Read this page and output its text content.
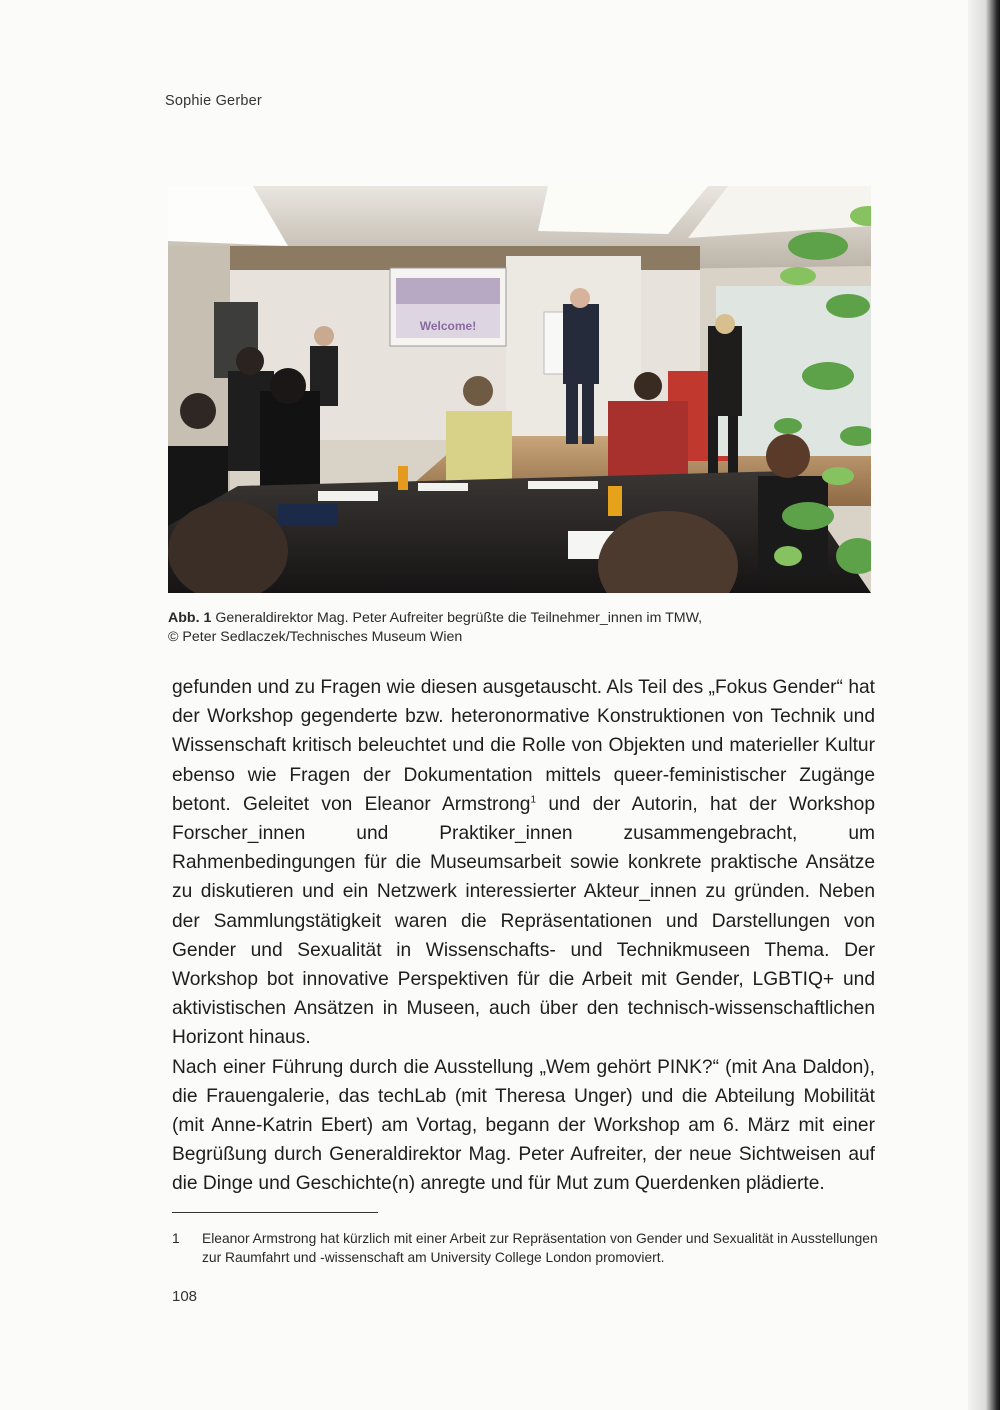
Sophie Gerber
Welcome!
Abb. 1 Generaldirektor Mag. Peter Aufreiter begrüßte die Teilnehmer_innen im TMW,
© Peter Sedlaczek/Technisches Museum Wien

gefunden und zu Fragen wie diesen ausgetauscht. Als Teil des „Fokus Gender“ hat der Workshop gegenderte bzw. heteronormative Konstruktionen von Technik und Wissenschaft kritisch beleuchtet und die Rolle von Objekten und materieller Kultur ebenso wie Fragen der Dokumentation mittels queer-feministischer Zugänge betont. Geleitet von Eleanor Armstrong$^1$ und der Autorin, hat der Workshop Forscher_innen und Praktiker_innen zusammengebracht, um Rahmenbedingungen für die Museumsarbeit sowie konkrete praktische Ansätze zu diskutieren und ein Netzwerk interessierter Akteur_innen zu gründen. Neben der Sammlungstätigkeit waren die Repräsentationen und Darstellungen von Gender und Sexualität in Wissenschafts- und Technikmuseen Thema. Der Workshop bot innovative Perspektiven für die Arbeit mit Gender, LGBTIQ+ und aktivistischen Ansätzen in Museen, auch über den technisch-wissenschaftlichen Horizont hinaus.

Nach einer Führung durch die Ausstellung „Wem gehört PINK?“ (mit Ana Daldon), die Frauengalerie, das techLab (mit Theresa Unger) und die Abteilung Mobilität (mit Anne-Katrin Ebert) am Vortag, begann der Workshop am 6. März mit einer Begrüßung durch Generaldirektor Mag. Peter Aufreiter, der neue Sichtweisen auf die Dinge und Geschichte(n) anregte und für Mut zum Querdenken plädierte.

1	Eleanor Armstrong hat kürzlich mit einer Arbeit zur Repräsentation von Gender und Sexualität in Ausstellungen zur Raumfahrt und -wissenschaft am University College London promoviert.
108
